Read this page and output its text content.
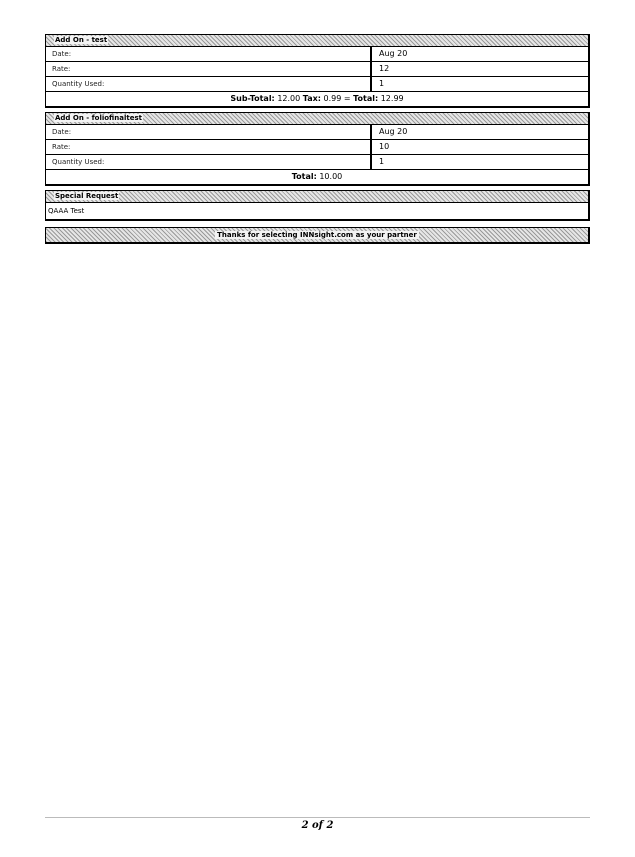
Add On - test
Date:	Aug 20
Rate:	12
Quantity Used:	1
Sub-Total: 12.00 Tax: 0.99 = Total: 12.99
Add On - foliofinaltest
Date:	Aug 20
Rate:	10
Quantity Used:	1
Total: 10.00
Special Request
QAAA Test
Thanks for selecting INNsight.com as your partner
2 of 2
